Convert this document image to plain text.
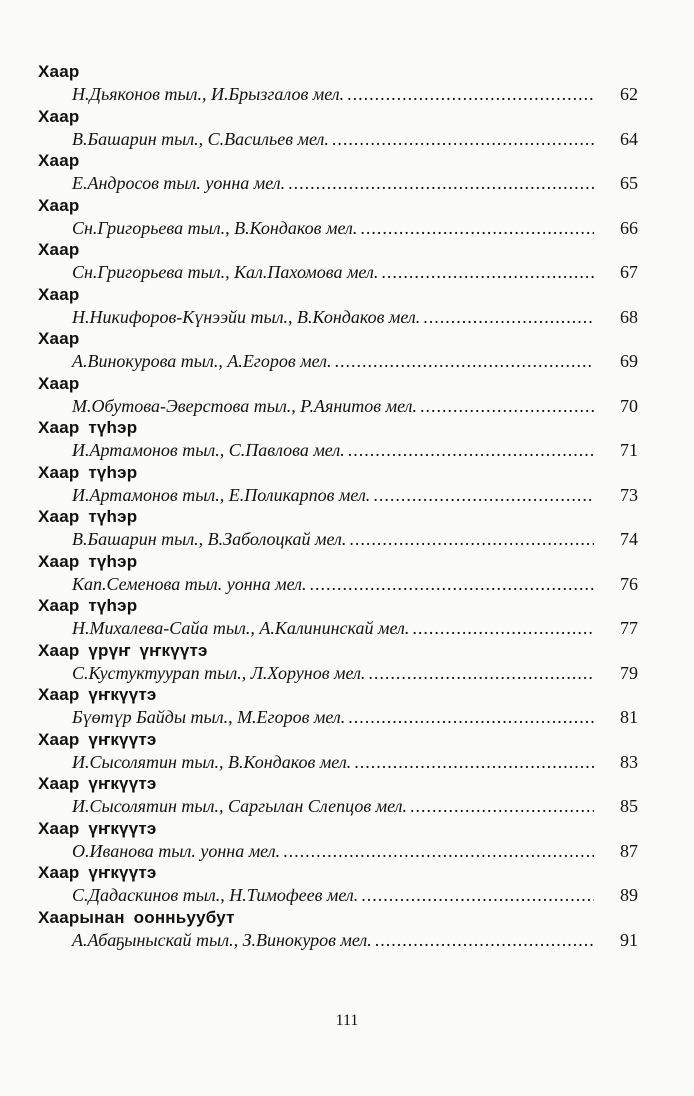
Хаар
Н.Дьяконов тыл., И.Брызгалов мел. .....	62
Хаар
В.Башарин тыл., С.Васильев мел. .....	64
Хаар
Е.Андросов тыл. уонна мел. .....	65
Хаар
Сн.Григорьева тыл., В.Кондаков мел. .....	66
Хаар
Сн.Григорьева тыл., Кал.Пахомова мел. .....	67
Хаар
Н.Никифоров-Күнээйи тыл., В.Кондаков мел. .....	68
Хаар
А.Винокурова тыл., А.Егоров мел. .....	69
Хаар
М.Обутова-Эверстова тыл., Р.Аянитов мел. .....	70
Хаар түһэр
И.Артамонов тыл., С.Павлова мел. .....	71
Хаар түһэр
И.Артамонов тыл., Е.Поликарпов мел. .....	73
Хаар түһэр
В.Башарин тыл., В.Заболоцкай мел. .....	74
Хаар түһэр
Кап.Семенова тыл. уонна мел. .....	76
Хаар түһэр
Н.Михалева-Сайа тыл., А.Калининскай мел. .....	77
Хаар үрүҥ үҥкүүтэ
С.Кустуктуурап тыл., Л.Хорунов мел. .....	79
Хаар үҥкүүтэ
Бүөтүр Байды тыл., М.Егоров мел. .....	81
Хаар үҥкүүтэ
И.Сысолятин тыл., В.Кондаков мел. .....	83
Хаар үҥкүүтэ
И.Сысолятин тыл., Саргылан Слепцов мел. .....	85
Хаар үҥкүүтэ
О.Иванова тыл. уонна мел. .....	87
Хаар үҥкүүтэ
С.Дадаскинов тыл., Н.Тимофеев мел. .....	89
Хаарынан оонньуубут
А.Абаҕыныскай тыл., З.Винокуров мел. .....	91
111
